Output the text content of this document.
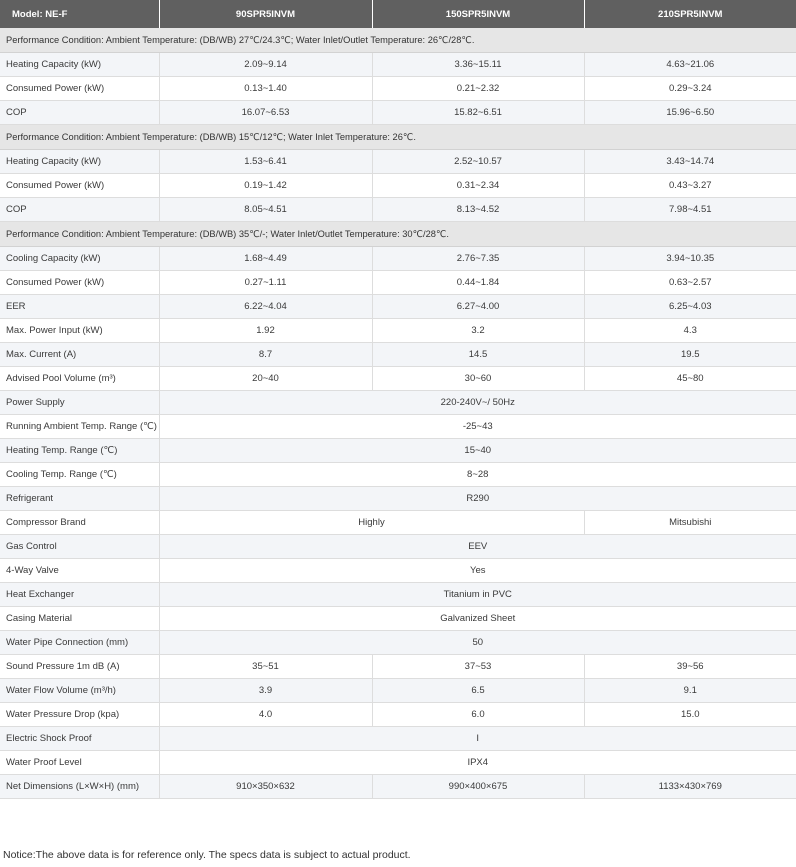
Model: NE-F	90SPR5INVM	150SPR5INVM	210SPR5INVM
Performance Condition: Ambient Temperature: (DB/WB) 27℃/24.3℃; Water Inlet/Outlet Temperature: 26℃/28℃.			
Heating Capacity (kW)	2.09~9.14	3.36~15.11	4.63~21.06
Consumed Power (kW)	0.13~1.40	0.21~2.32	0.29~3.24
COP	16.07~6.53	15.82~6.51	15.96~6.50
Performance Condition: Ambient Temperature: (DB/WB) 15℃/12℃; Water Inlet Temperature: 26℃.			
Heating Capacity (kW)	1.53~6.41	2.52~10.57	3.43~14.74
Consumed Power (kW)	0.19~1.42	0.31~2.34	0.43~3.27
COP	8.05~4.51	8.13~4.52	7.98~4.51
Performance Condition: Ambient Temperature: (DB/WB) 35℃/-; Water Inlet/Outlet Temperature: 30℃/28℃.			
Cooling Capacity (kW)	1.68~4.49	2.76~7.35	3.94~10.35
Consumed Power (kW)	0.27~1.11	0.44~1.84	0.63~2.57
EER	6.22~4.04	6.27~4.00	6.25~4.03
Max. Power Input (kW)	1.92	3.2	4.3
Max. Current (A)	8.7	14.5	19.5
Advised Pool Volume (m³)	20~40	30~60	45~80
Power Supply	220-240V~/ 50Hz		
Running Ambient Temp. Range (℃)	-25~43		
Heating Temp. Range (℃)	15~40		
Cooling Temp. Range (℃)	8~28		
Refrigerant	R290		
Compressor Brand	Highly		Mitsubishi
Gas Control	EEV		
4-Way Valve	Yes		
Heat Exchanger	Titanium in PVC		
Casing Material	Galvanized Sheet		
Water Pipe Connection (mm)	50		
Sound Pressure 1m dB (A)	35~51	37~53	39~56
Water Flow Volume (m³/h)	3.9	6.5	9.1
Water Pressure Drop (kpa)	4.0	6.0	15.0
Electric Shock Proof	I		
Water Proof Level	IPX4		
Net Dimensions (L×W×H) (mm)	910×350×632	990×400×675	1133×430×769
Notice:The above data is for reference only. The specs data is subject to actual product.
